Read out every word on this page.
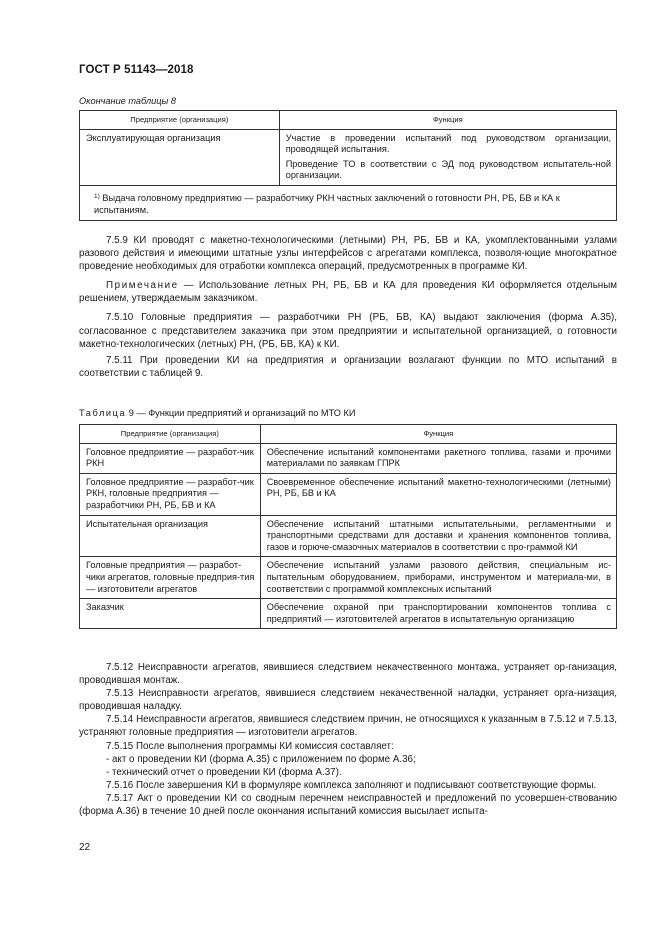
ГОСТ Р 51143—2018
Окончание таблицы 8
Предприятие (организация)	Функция
Эксплуатирующая организация	Участие в проведении испытаний под руководством организации, проводящей испытания.

Проведение ТО в соответствии с ЭД под руководством испытатель-ной организации.

$^{1)}$ Выдача головному предприятию — разработчику РКН частных заключений о готовности РН, РБ, БВ и КА к испытаниям.	

7.5.9 КИ проводят с макетно-технологическими (летными) РН, РБ, БВ и КА, укомплектованными узлами разового действия и имеющими штатные узлы интерфейсов с агрегатами комплекса, позволя-ющие многократное проведение необходимых для отработки комплекса операций, предусмотренных в программе КИ.

Примечание — Использование летных РН, РБ, БВ и КА для проведения КИ оформляется отдельным решением, утверждаемым заказчиком.

7.5.10 Головные предприятия — разработчики РН (РБ, БВ, КА) выдают заключения (форма А.35), согласованное с представителем заказчика при этом предприятии и испытательной организацией, о готовности макетно-технологических (летных) РН, (РБ, БВ, КА) к КИ.

7.5.11 При проведении КИ на предприятия и организации возлагают функции по МТО испытаний в соответствии с таблицей 9.

Таблица 9 — Функции предприятий и организаций по МТО КИ
Предприятие (организация)	Функция
Головное предприятие — разработ-чик РКН	Обеспечение испытаний компонентами ракетного топлива, газами и прочими материалами по заявкам ГПРК
Головное предприятие — разработ-чик РКН, головные предприятия — разработчики РН, РБ, БВ и КА	Своевременное обеспечение испытаний макетно-технологическими (летными) РН, РБ, БВ и КА
Испытательная организация	Обеспечение испытаний штатными испытательными, регламентными и транспортными средствами для доставки и хранения компонентов топлива, газов и горюче-смазочных материалов в соответствии с про-граммой КИ
Головные предприятия — разработ-чики агрегатов, головные предприя-тия — изготовители агрегатов	Обеспечение испытаний узлами разового действия, специальным ис-пытательным оборудованием, приборами, инструментом и материала-ми, в соответствии с программой комплексных испытаний
Заказчик	Обеспечение охраной при транспортировании компонентов топлива с предприятий — изготовителей агрегатов в испытательную организацию

7.5.12 Неисправности агрегатов, явившиеся следствием некачественного монтажа, устраняет ор-ганизация, проводившая монтаж.

7.5.13 Неисправности агрегатов, явившиеся следствием некачественной наладки, устраняет орга-низация, проводившая наладку.

7.5.14 Неисправности агрегатов, явившиеся следствием причин, не относящихся к указанным в 7.5.12 и 7.5.13, устраняют головные предприятия — изготовители агрегатов.

7.5.15 После выполнения программы КИ комиссия составляет:

- акт о проведении КИ (форма А.35) с приложением по форме А.36;

- технический отчет о проведении КИ (форма А.37).

7.5.16 После завершения КИ в формуляре комплекса заполняют и подписывают соответствующие формы.

7.5.17 Акт о проведении КИ со сводным перечнем неисправностей и предложений по усовершен-ствованию (форма А.36) в течение 10 дней после окончания испытаний комиссия высылает испыта-

22
